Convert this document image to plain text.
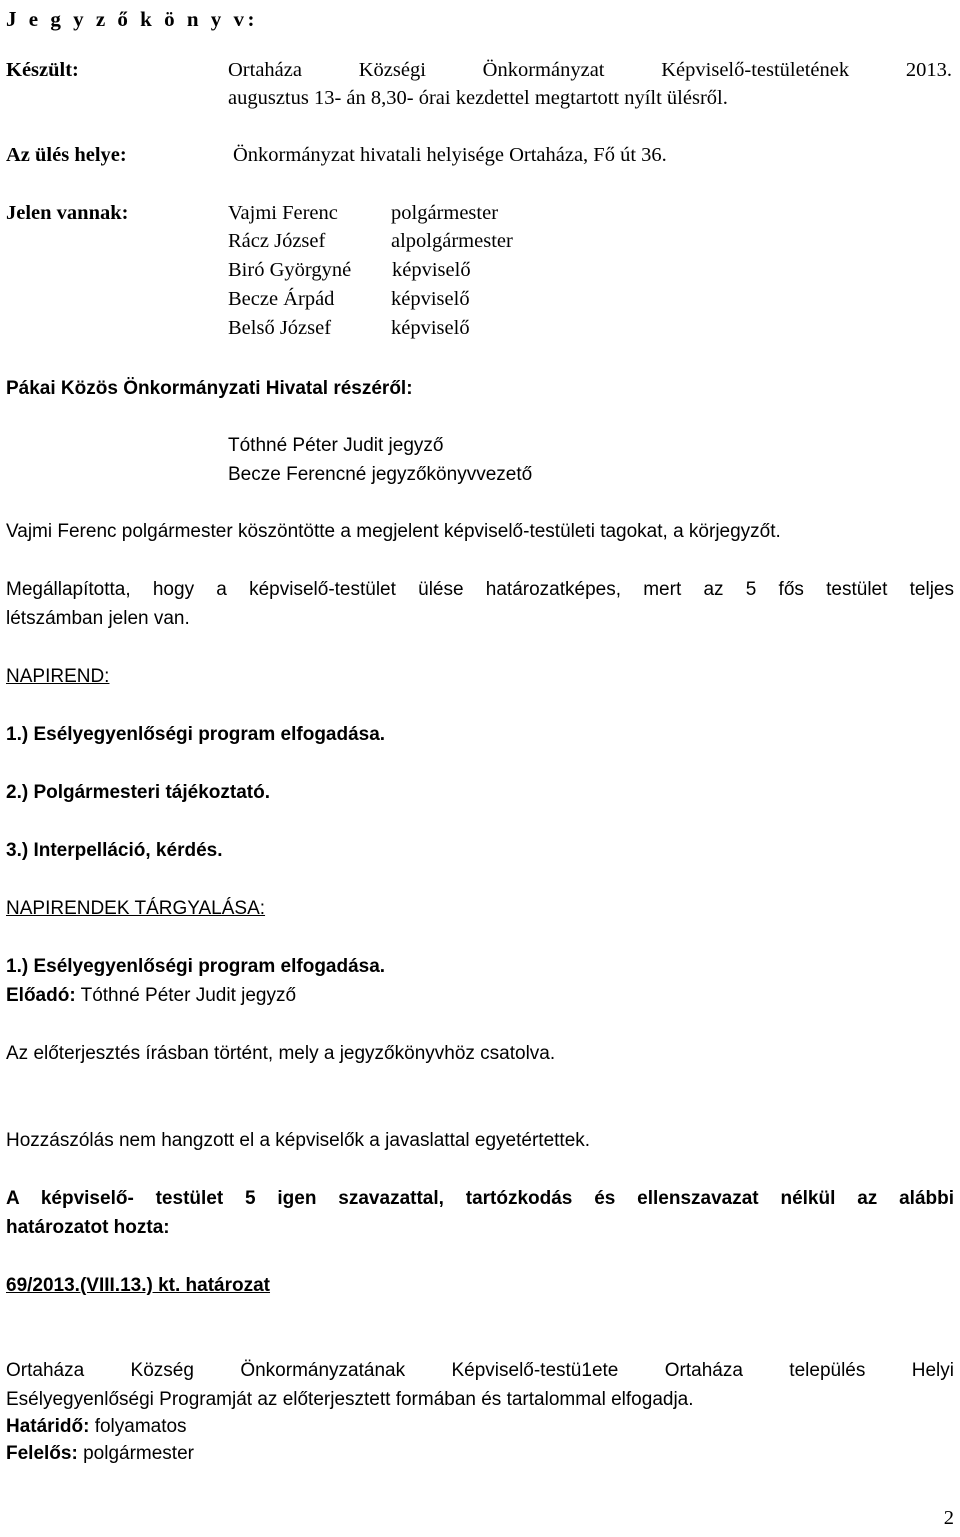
J e g y z ő k ö n y v:
Készült:	Ortaháza Községi Önkormányzat Képviselő-testületének 2013.
augusztus 13- án 8,30- órai kezdettel megtartott nyílt ülésről.
Az ülés helye:	Önkormányzat hivatali helyisége Ortaháza, Fő út 36.
Jelen vannak:	Vajmi Ferenc	polgármester
Rácz József	alpolgármester
Biró Györgyné képviselő
Becze Árpád	képviselő
Belső József	képviselő
Pákai Közös Önkormányzati Hivatal részéről:
Tóthné Péter Judit jegyző
Becze Ferencné jegyzőkönyvvezető
Vajmi Ferenc polgármester köszöntötte a megjelent képviselő-testületi tagokat, a körjegyzőt.
Megállapította, hogy a képviselő-testület ülése határozatképes, mert az 5 fős testület teljes
létszámban jelen van.
NAPIREND:
1.) Esélyegyenlőségi program elfogadása.
2.) Polgármesteri tájékoztató.
3.) Interpelláció, kérdés.
NAPIRENDEK TÁRGYALÁSA:
1.) Esélyegyenlőségi program elfogadása.
Előadó: Tóthné Péter Judit jegyző
Az előterjesztés írásban történt, mely a jegyzőkönyvhöz csatolva.
Hozzászólás nem hangzott el a képviselők a javaslattal egyetértettek.
A képviselő- testület 5 igen szavazattal, tartózkodás és ellenszavazat nélkül az alábbi
határozatot hozta:
69/2013.(VIII.13.) kt. határozat
Ortaháza Község Önkormányzatának Képviselő-testü1ete Ortaháza település Helyi
Esélyegyenlőségi Programját az előterjesztett formában és tartalommal elfogadja.
Határidő: folyamatos
Felelős: polgármester
2
